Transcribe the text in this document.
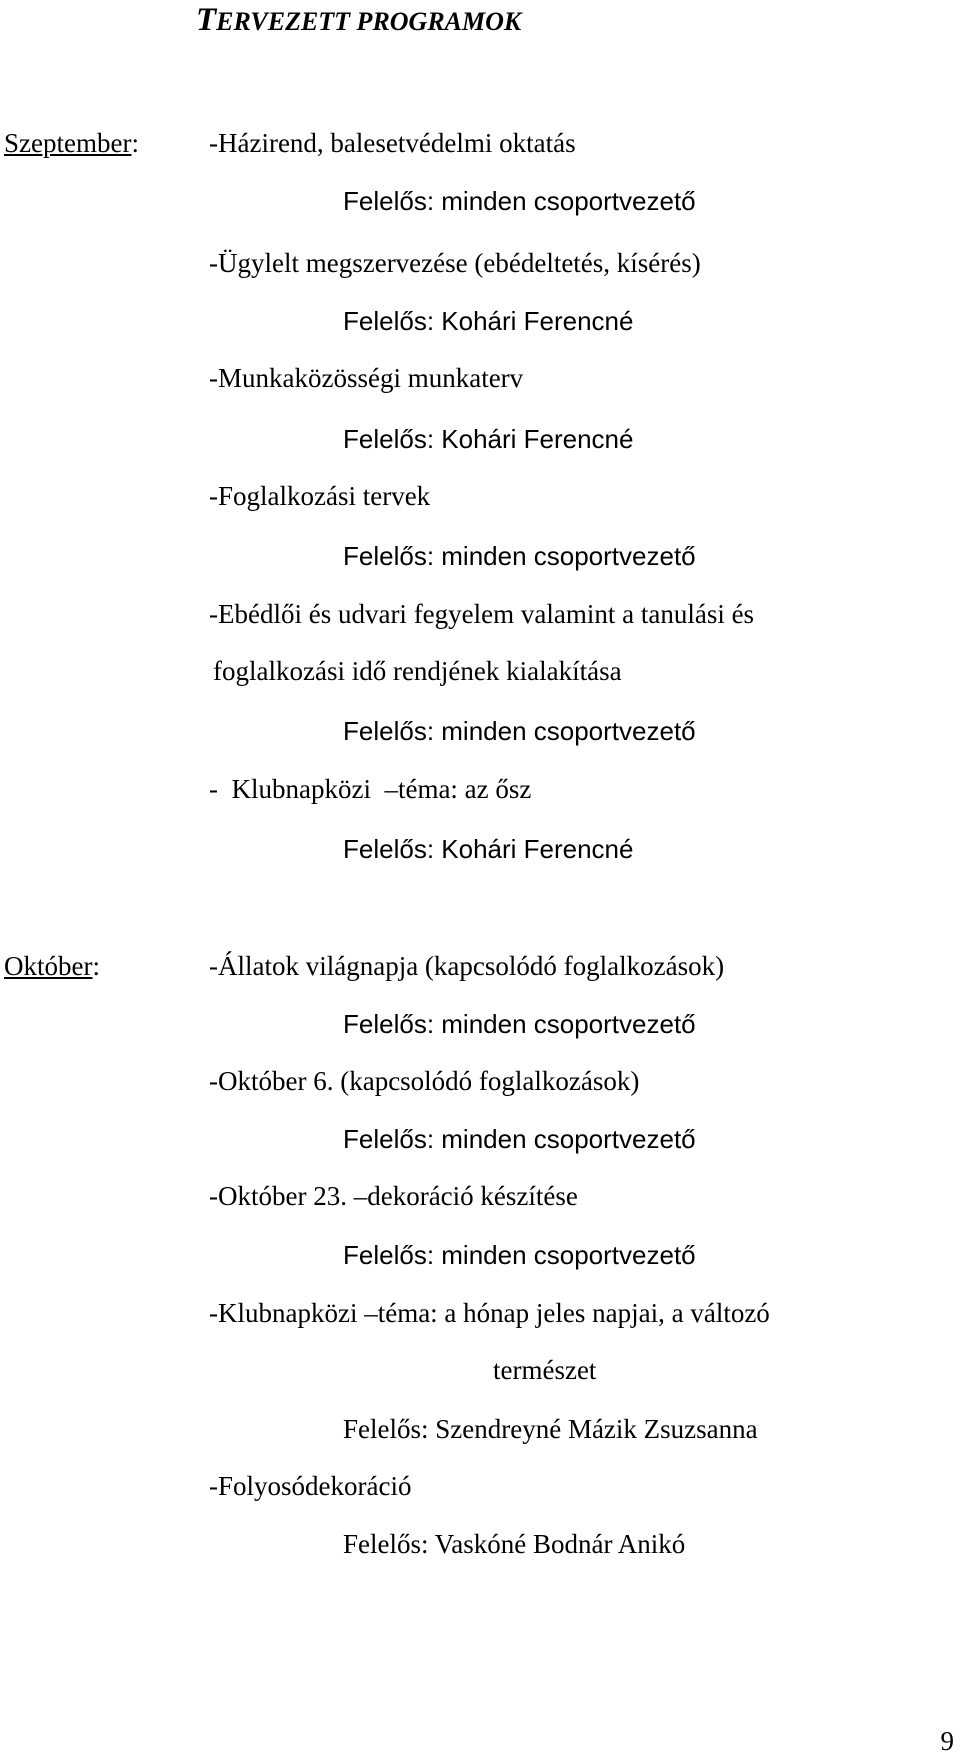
TERVEZETT PROGRAMOK
Szeptember:	-Házirend, balesetvédelmi oktatás
Felelős: minden csoportvezető
-Ügylelt megszervezése (ebédeltetés, kísérés)
Felelős: Kohári Ferencné
-Munkaközösségi munkaterv
Felelős: Kohári Ferencné
-Foglalkozási tervek
Felelős: minden csoportvezető
-Ebédlői és udvari fegyelem valamint a tanulási és
foglalkozási idő rendjének kialakítása
Felelős: minden csoportvezető
-  Klubnapközi  –téma: az ősz
Felelős: Kohári Ferencné
Október:	-Állatok világnapja (kapcsolódó foglalkozások)
Felelős: minden csoportvezető
-Október 6. (kapcsolódó foglalkozások)
Felelős: minden csoportvezető
-Október 23. –dekoráció készítése
Felelős: minden csoportvezető
-Klubnapközi –téma: a hónap jeles napjai, a változó
természet
Felelős: Szendreyné Mázik Zsuzsanna
-Folyosódekoráció
Felelős: Vaskóné Bodnár Anikó
9
